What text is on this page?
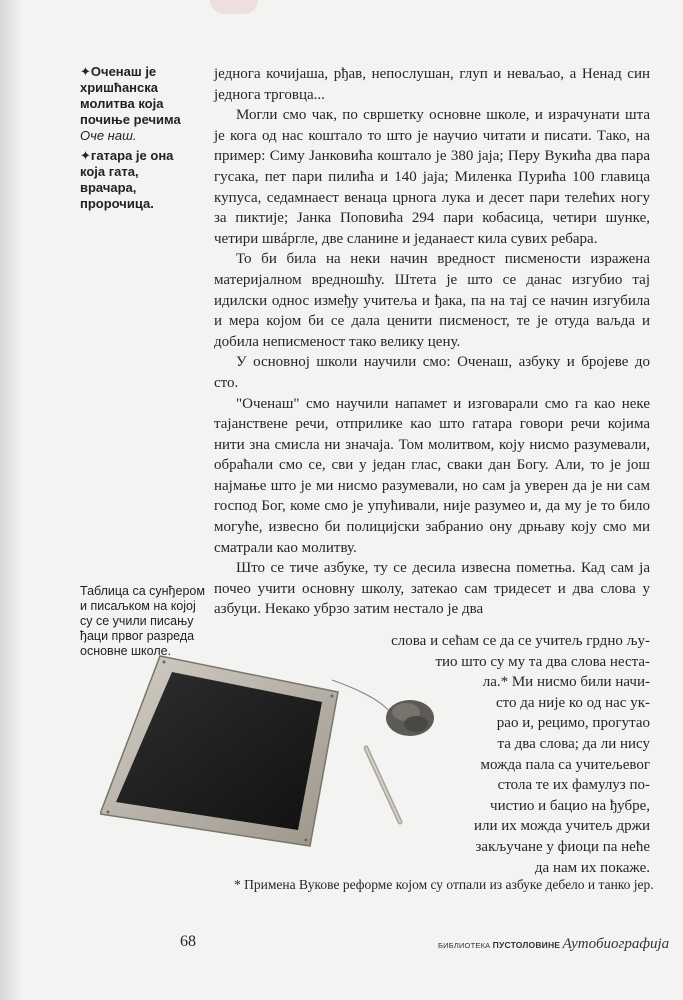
✦Оченаш је хришћанска молитва која почиње речима Оче наш.
✦гатара је она која гата, врачара, пророчица.

једнога кочијаша, рђав, непослушан, глуп и неваљао, а Ненад син једнога трговца...

Могли смо чак, по свршетку основне школе, и израчунати шта је кога од нас коштало то што је научио читати и писати. Тако, на пример: Симу Јанковића коштало је 380 јаја; Перу Вукића два пара гусака, пет пари пилића и 140 јаја; Миленка Пурића 100 главица купуса, седамнаест венаца црнога лука и десет пари телећих ногу за пиктије; Јанка Поповића 294 пари кобасица, четири шунке, четири швáргле, две сланине и једанаест кила сувих ребара.

То би била на неки начин вредност писмености изражена материјалном вредношћу. Штета је што се данас изгубио тај идилски однос између учитеља и ђака, па на тај се начин изгубила и мера којом би се дала ценити писменост, те је отуда ваљда и добила неписменост тако велику цену.

У основној школи научили смо: Оченаш, азбуку и бројеве до сто.

"Оченаш" смо научили напамет и изговарали смо га као неке тајанствене речи, отприлике као што гатара говори речи којима нити зна смисла ни значаја. Том молитвом, коју нисмо разумевали, обраћали смо се, сви у један глас, сваки дан Богу. Али, то је још најмање што је ми нисмо разумевали, но сам ја уверен да је ни сам господ Бог, коме смо је упућивали, није разумео и, да му је то било могуће, извесно би полицијски забранио ону дрњаву коју смо ми сматрали као молитву.

Што се тиче азбуке, ту се десила извесна пометња. Кад сам ја почео учити основну школу, затекао сам тридесет и два слова у азбуци. Некако убрзо затим нестало је два

слова и сећам се да се учитељ грдно љу-
тио што су му та два слова неста-
ла.* Ми нисмо били начи-
сто да није ко од нас ук-
рао и, рецимо, прогутао
та два слова; да ли нису
можда пала са учитељевог
стола те их фамулуз по-
чистио и бацио на ђубре,
или их можда учитељ држи
закључане у фиоци па неће
да нам их покаже.
Таблица са сунђером и писаљком на којој су се учили писању ђаци првог разреда основне школе.
* Примена Вукове реформе којом су отпали из азбуке дебело и танко јер.
68	БИБЛИОТЕКА ПУСТОЛОВИНЕ Аутобиографија
